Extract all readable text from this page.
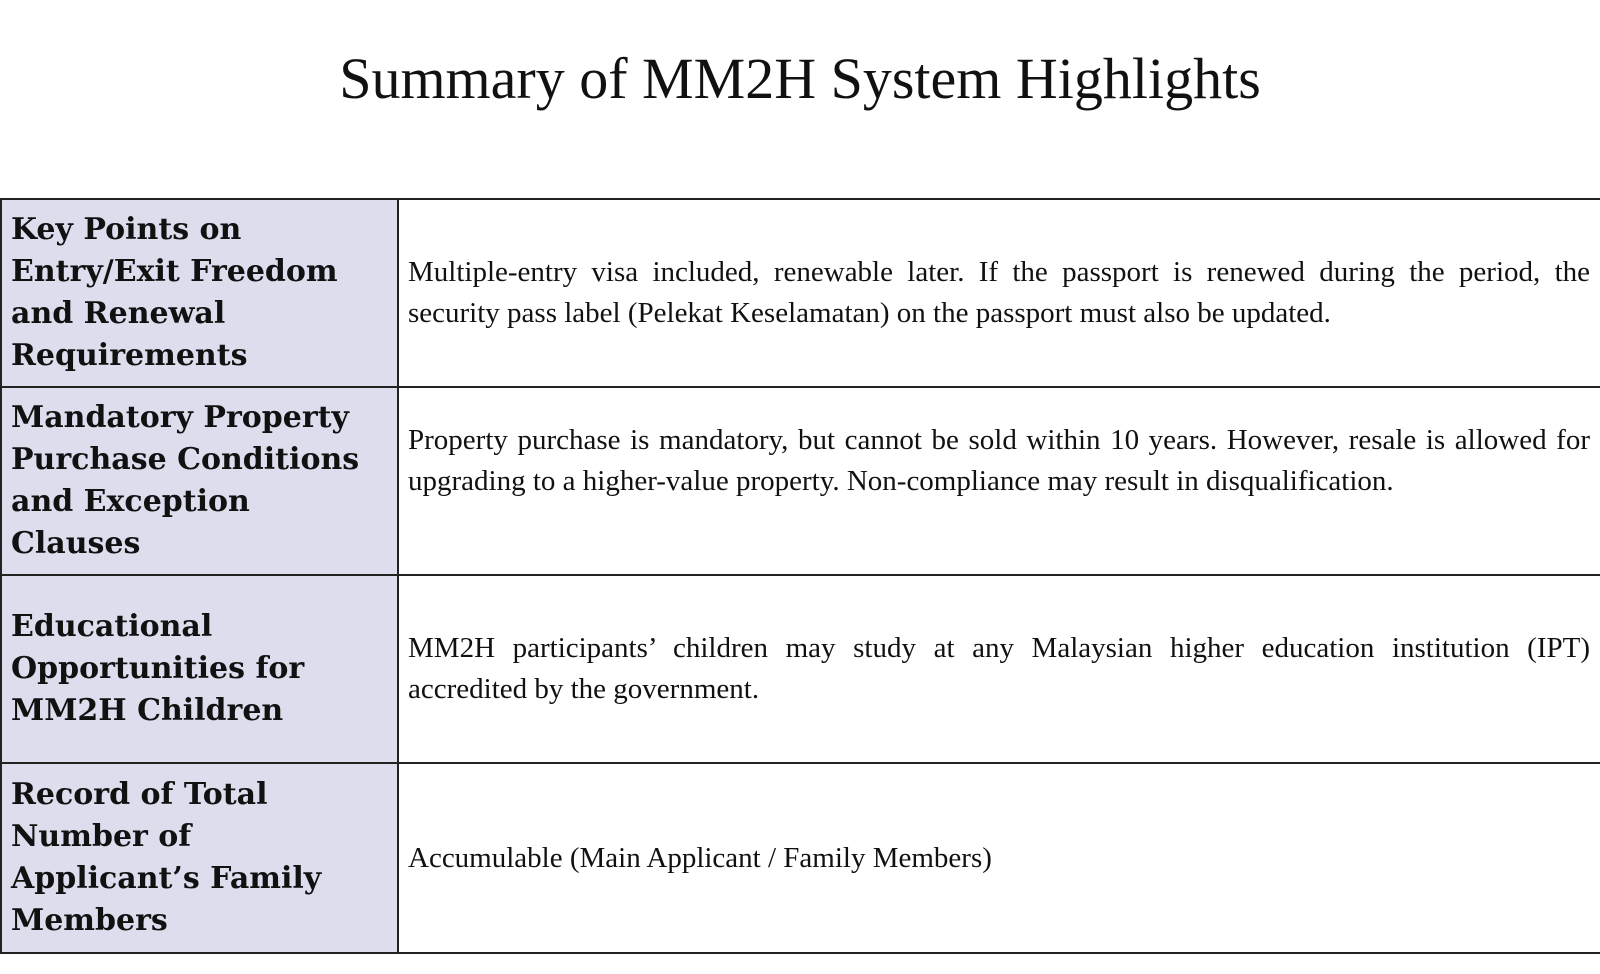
Summary of MM2H System Highlights
Key Points on Entry/Exit Freedom and Renewal Requirements	Multiple-entry visa included, renewable later. If the passport is renewed during the period, the security pass label (Pelekat Keselamatan) on the passport must also be updated.
Mandatory Property Purchase Conditions and Exception Clauses	Property purchase is mandatory, but cannot be sold within 10 years. However, resale is allowed for upgrading to a higher-value property. Non-compliance may result in disqualification.
Educational Opportunities for MM2H Children	MM2H participants’ children may study at any Malaysian higher education institution (IPT) accredited by the government.
Record of Total Number of Applicant’s Family Members	Accumulable (Main Applicant / Family Members)
